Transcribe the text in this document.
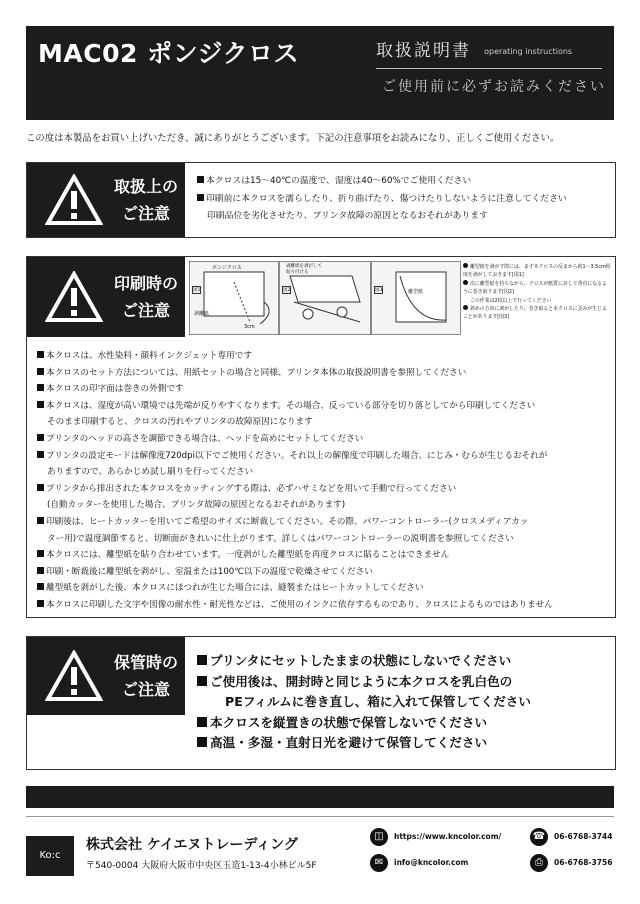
MAC02 ポンジクロス	取扱説明書 operating instructions
ご使用前に必ずお読みください
この度は本製品をお買い上げいただき、誠にありがとうございます。下記の注意事項をお読みになり、正しくご使用ください。
取扱上の
ご注意
本クロスは15～40℃の温度で、湿度は40～60%でご使用ください
印刷前に本クロスを濡らしたり、折り曲げたり、傷つけたりしないように注意してください
印刷品位を劣化させたり、プリンタ故障の原因となるおそれがあります
印刷時の
ご注意
ポンジクロス
剥離紙
3cm
図1
剥離紙を剥がして貼り付ける
図2	離型紙
図3
離型紙を剥がす際には、まず本クロスの反まから約1～3.5cm程度を剥がしておきます[図1]
次に離型紙を持ちながら、クロスが紙質に対して垂直になるように巻き取ります[図2]
この作業は2枚以上で行ってください
斜めの方向に剥がしたり、巻き取ると本クロスに歪みが生じることがあります[図3]
本クロスは、水性染料・顔料インクジェット専用です
本クロスのセット方法については、用紙セットの場合と同様、プリンタ本体の取扱説明書を参照してください
本クロスの印字面は巻きの外側です
本クロスは、湿度が高い環境では先端が反りやすくなります。その場合、反っている部分を切り落としてから印刷してください
そのまま印刷すると、クロスの汚れやプリンタの故障原因になります
プリンタのヘッドの高さを調節できる場合は、ヘッドを高めにセットしてください
プリンタの設定モードは解像度720dpi以下でご使用ください。それ以上の解像度で印刷した場合、にじみ・むらが生じるおそれが
ありますので、あらかじめ試し刷りを行ってください
プリンタから排出された本クロスをカッティングする際は、必ずハサミなどを用いて手動で行ってください
(自動カッターを使用した場合、プリンタ故障の原因となるおそれがあります)
印刷後は、ヒートカッターを用いてご希望のサイズに断裁してください。その際、パワーコントローラー(クロスメディアカッ
ター用)で温度調節すると、切断面がきれいに仕上がります。詳しくはパワーコントローラーの説明書を参照してください
本クロスには、離型紙を貼り合わせています。一度剥がした離型紙を再度クロスに貼ることはできません
印刷・断裁後に離型紙を剥がし、室温または100℃以下の温度で乾燥させてください
離型紙を剥がした後、本クロスにほつれが生じた場合には、縫製またはヒートカットしてください
本クロスに印刷した文字や図像の耐水性・耐光性などは、ご使用のインクに依存するものであり、クロスによるものではありません
保管時の
ご注意
プリンタにセットしたままの状態にしないでください
ご使用後は、開封時と同じように本クロスを乳白色の
PEフィルムに巻き直し、箱に入れて保管してください
本クロスを縦置きの状態で保管しないでください
高温・多湿・直射日光を避けて保管してください
Ko:c
株式会社 ケイエヌトレーディング
〒540-0004 大阪府大阪市中央区玉造1-13-4小林ビル5F
◫	https://www.kncolor.com/
✉	info@kncolor.com
☎	06-6768-3744
⎙	06-6768-3756
